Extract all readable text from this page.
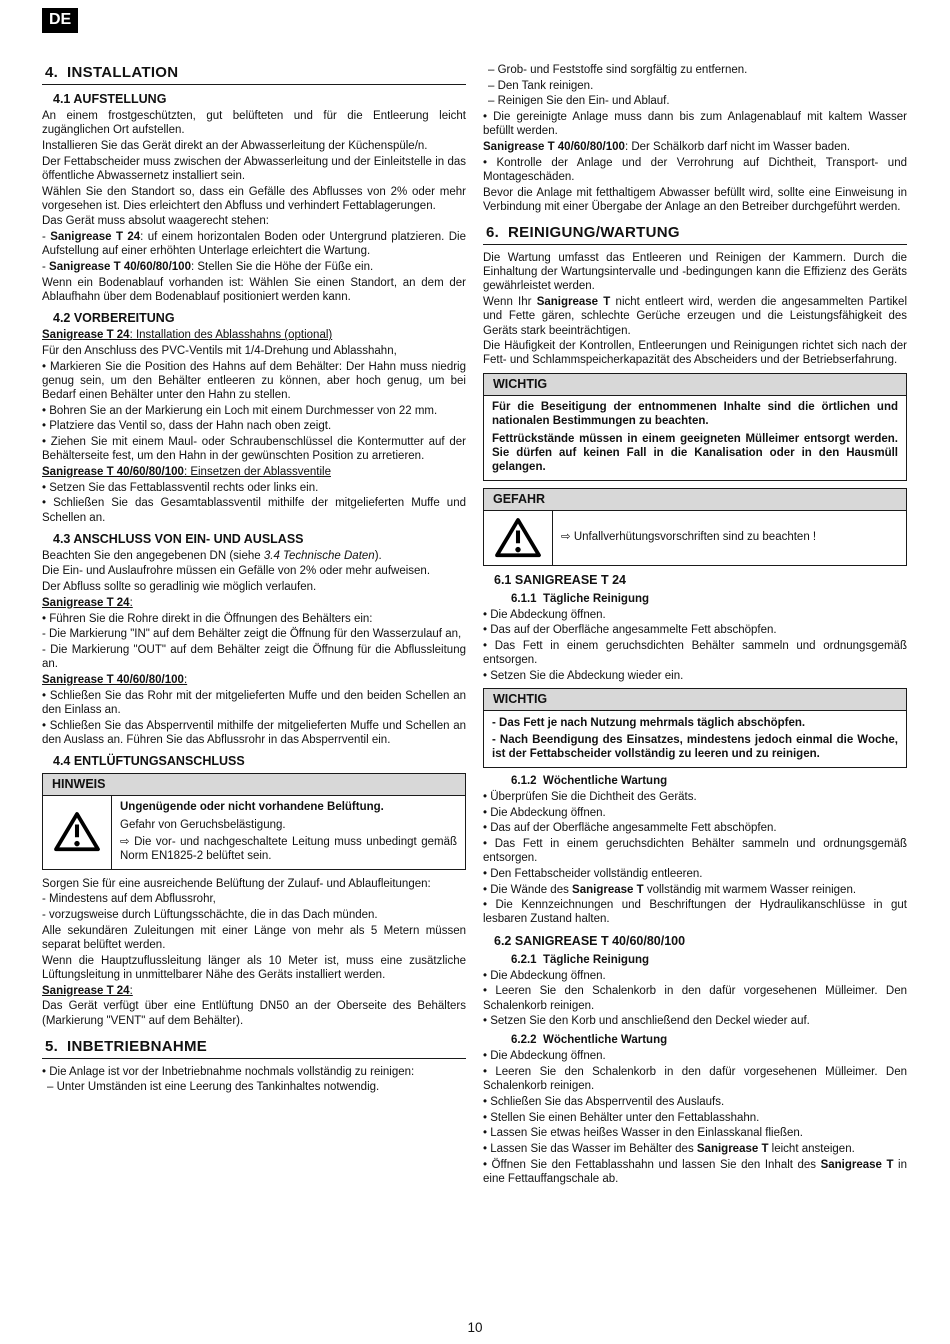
DE
4.  INSTALLATION
4.1 AUFSTELLUNG

An einem frostgeschützten, gut belüfteten und für die Entleerung leicht zugänglichen Ort aufstellen.

Installieren Sie das Gerät direkt an der Abwasserleitung der Küchenspüle/n.

Der Fettabscheider muss zwischen der Abwasserleitung und der Einleitstelle in das öffentliche Abwassernetz installiert sein.

Wählen Sie den Standort so, dass ein Gefälle des Abflusses von 2% oder mehr vorgesehen ist. Dies erleichtert den Abfluss und verhindert Fettablagerungen.

Das Gerät muss absolut waagerecht stehen:

- Sanigrease T 24: uf einem horizontalen Boden oder Untergrund platzieren. Die Aufstellung auf einer erhöhten Unterlage erleichtert die Wartung.

- Sanigrease T 40/60/80/100: Stellen Sie die Höhe der Füße ein.

Wenn ein Bodenablauf vorhanden ist: Wählen Sie einen Standort, an dem der Ablaufhahn über dem Bodenablauf positioniert werden kann.

4.2 VORBEREITUNG

Sanigrease T 24: Installation des Ablasshahns (optional)

Für den Anschluss des PVC-Ventils mit 1/4-Drehung und Ablasshahn,

• Markieren Sie die Position des Hahns auf dem Behälter: Der Hahn muss niedrig genug sein, um den Behälter entleeren zu können, aber hoch genug, um bei Bedarf einen Behälter unter den Hahn zu stellen.

• Bohren Sie an der Markierung ein Loch mit einem Durchmesser von 22 mm.

• Platziere das Ventil so, dass der Hahn nach oben zeigt.

• Ziehen Sie mit einem Maul- oder Schraubenschlüssel die Kontermutter auf der Behälterseite fest, um den Hahn in der gewünschten Position zu arretieren.

Sanigrease T 40/60/80/100: Einsetzen der Ablassventile

• Setzen Sie das Fettablassventil rechts oder links ein.

• Schließen Sie das Gesamtablassventil mithilfe der mitgelieferten Muffe und Schellen an.

4.3 ANSCHLUSS VON EIN- UND AUSLASS

Beachten Sie den angegebenen DN (siehe 3.4 Technische Daten).

Die Ein- und Auslaufrohre müssen ein Gefälle von 2% oder mehr aufweisen.

Der Abfluss sollte so geradlinig wie möglich verlaufen.

Sanigrease T 24:

• Führen Sie die Rohre direkt in die Öffnungen des Behälters ein:

- Die Markierung "IN" auf dem Behälter zeigt die Öffnung für den Wasserzulauf an,

- Die Markierung "OUT" auf dem Behälter zeigt die Öffnung für die Abflussleitung an.

Sanigrease T 40/60/80/100:

• Schließen Sie das Rohr mit der mitgelieferten Muffe und den beiden Schellen an den Einlass an.

• Schließen Sie das Absperrventil mithilfe der mitgelieferten Muffe und Schellen an den Auslass an. Führen Sie das Abflussrohr in das Absperrventil ein.

4.4 ENTLÜFTUNGSANSCHLUSS
HINWEIS

Ungenügende oder nicht vorhandene Belüftung.

Gefahr von Geruchsbelästigung.

⇨ Die vor- und nachgeschaltete Leitung muss unbedingt gemäß Norm EN1825-2 belüftet sein.

Sorgen Sie für eine ausreichende Belüftung der Zulauf- und Ablaufleitungen:

- Mindestens auf dem Abflussrohr,

- vorzugsweise durch Lüftungsschächte, die in das Dach münden.

Alle sekundären Zuleitungen mit einer Länge von mehr als 5 Metern müssen separat belüftet werden.

Wenn die Hauptzuflussleitung länger als 10 Meter ist, muss eine zusätzliche Lüftungsleitung in unmittelbarer Nähe des Geräts installiert werden.

Sanigrease T 24:

Das Gerät verfügt über eine Entlüftung DN50 an der Oberseite des Behälters (Markierung "VENT" auf dem Behälter).

5.  INBETRIEBNAHME

• Die Anlage ist vor der Inbetriebnahme nochmals vollständig zu reinigen:

– Unter Umständen ist eine Leerung des Tankinhaltes notwendig.

– Grob- und Feststoffe sind sorgfältig zu entfernen.

– Den Tank reinigen.

– Reinigen Sie den Ein- und Ablauf.

• Die gereinigte Anlage muss dann bis zum Anlagenablauf mit kaltem Wasser befüllt werden.

Sanigrease T 40/60/80/100: Der Schälkorb darf nicht im Wasser baden.

• Kontrolle der Anlage und der Verrohrung auf Dichtheit, Transport- und Montageschäden.

Bevor die Anlage mit fetthaltigem Abwasser befüllt wird, sollte eine Einweisung in Verbindung mit einer Übergabe der Anlage an den Betreiber durchgeführt werden.

6.  REINIGUNG/WARTUNG

Die Wartung umfasst das Entleeren und Reinigen der Kammern. Durch die Einhaltung der Wartungsintervalle und -bedingungen kann die Effizienz des Geräts gewährleistet werden.

Wenn Ihr Sanigrease T nicht entleert wird, werden die angesammelten Partikel und Fette gären, schlechte Gerüche erzeugen und die Leistungsfähigkeit des Geräts stark beeinträchtigen.

Die Häufigkeit der Kontrollen, Entleerungen und Reinigungen richtet sich nach der Fett- und Schlammspeicherkapazität des Abscheiders und der Betriebserfahrung.

WICHTIG

Für die Beseitigung der entnommenen Inhalte sind die örtlichen und nationalen Bestimmungen zu beachten.

Fettrückstände müssen in einem geeigneten Mülleimer entsorgt werden. Sie dürfen auf keinen Fall in die Kanalisation oder in den Hausmüll gelangen.

GEFAHR

⇨ Unfallverhütungsvorschriften sind zu beachten !

6.1 SANIGREASE T 24
6.1.1  Tägliche Reinigung

• Die Abdeckung öffnen.

• Das auf der Oberfläche angesammelte Fett abschöpfen.

• Das Fett in einem geruchsdichten Behälter sammeln und ordnungsgemäß entsorgen.

• Setzen Sie die Abdeckung wieder ein.

WICHTIG

- Das Fett je nach Nutzung mehrmals täglich abschöpfen.

- Nach Beendigung des Einsatzes, mindestens jedoch einmal die Woche, ist der Fettabscheider vollständig zu leeren und zu reinigen.

6.1.2  Wöchentliche Wartung

• Überprüfen Sie die Dichtheit des Geräts.

• Die Abdeckung öffnen.

• Das auf der Oberfläche angesammelte Fett abschöpfen.

• Das Fett in einem geruchsdichten Behälter sammeln und ordnungsgemäß entsorgen.

• Den Fettabscheider vollständig entleeren.

• Die Wände des Sanigrease T vollständig mit warmem Wasser reinigen.

• Die Kennzeichnungen und Beschriftungen der Hydraulikanschlüsse in gut lesbaren Zustand halten.

6.2 SANIGREASE T 40/60/80/100
6.2.1  Tägliche Reinigung

• Die Abdeckung öffnen.

• Leeren Sie den Schalenkorb in den dafür vorgesehenen Mülleimer. Den Schalenkorb reinigen.

• Setzen Sie den Korb und anschließend den Deckel wieder auf.

6.2.2  Wöchentliche Wartung

• Die Abdeckung öffnen.

• Leeren Sie den Schalenkorb in den dafür vorgesehenen Mülleimer. Den Schalenkorb reinigen.

• Schließen Sie das Absperrventil des Auslaufs.

• Stellen Sie einen Behälter unter den Fettablasshahn.

• Lassen Sie etwas heißes Wasser in den Einlasskanal fließen.

• Lassen Sie das Wasser im Behälter des Sanigrease T leicht ansteigen.

• Öffnen Sie den Fettablasshahn und lassen Sie den Inhalt des Sanigrease T in eine Fettauffangschale ab.

10
